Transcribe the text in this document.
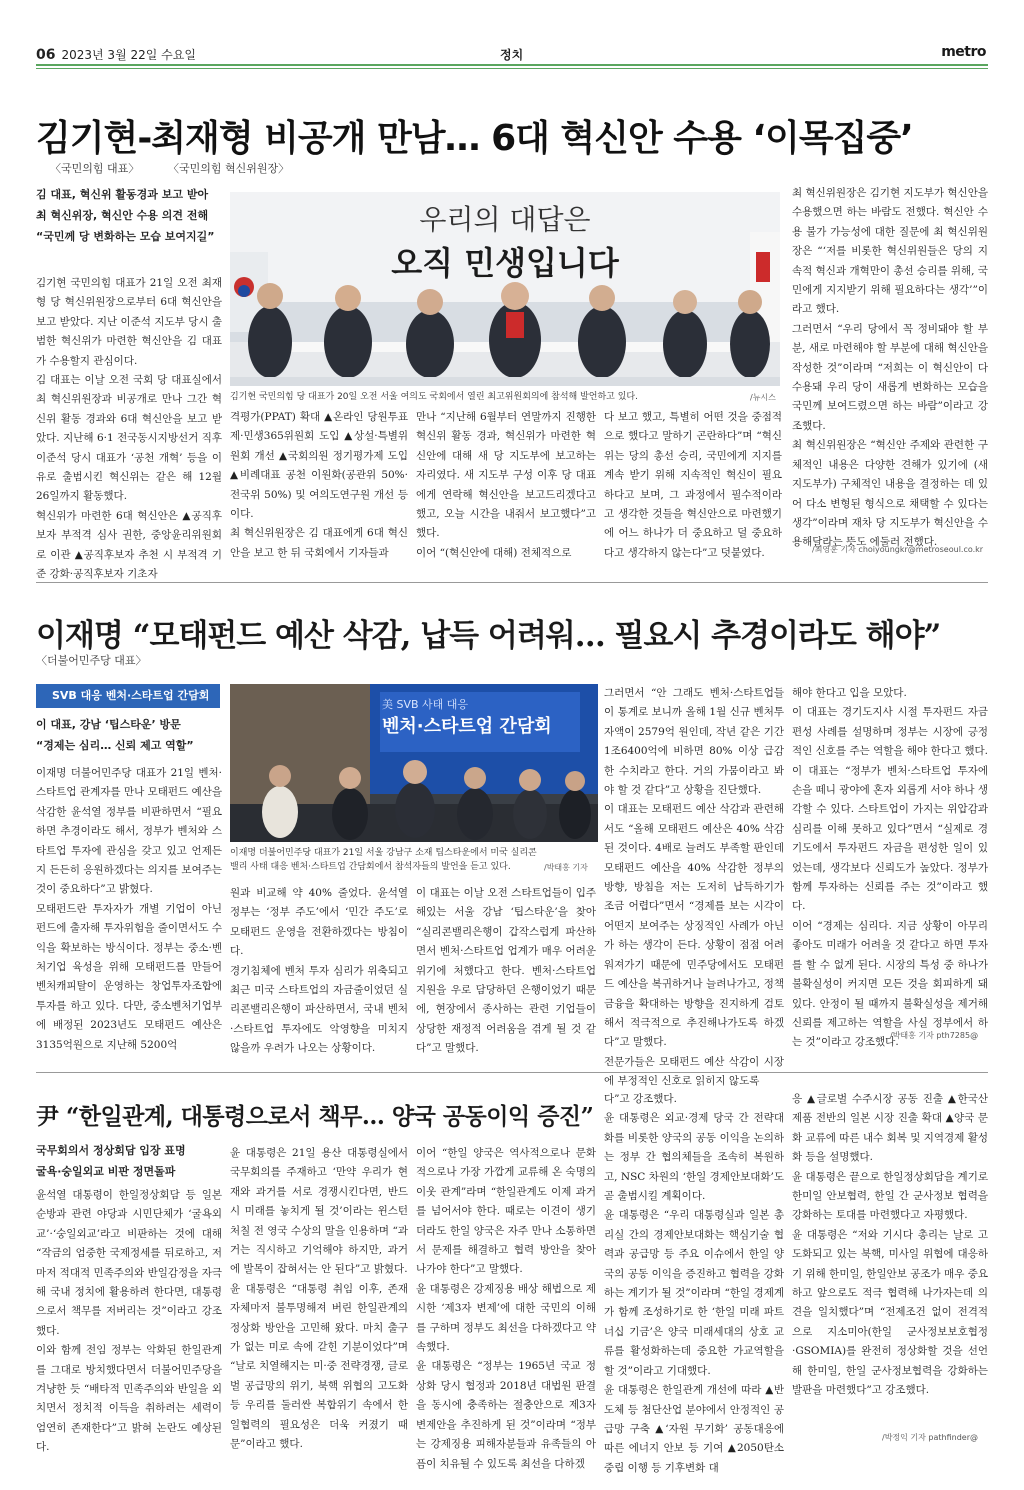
06 2023년 3월 22일 수요일	정치	metro
김기현-최재형 비공개 만남… 6대 혁신안 수용 ‘이목집중’
〈국민의힘 대표〉	〈국민의힘 혁신위원장〉
김 대표, 혁신위 활동경과 보고 받아
최 혁신위장, 혁신안 수용 의견 전해
“국민께 당 변화하는 모습 보여지길”
김기현 국민의힘 대표가 21일 오전 최재형 당 혁신위원장으로부터 6대 혁신안을 보고 받았다. 지난 이준석 지도부 당시 출범한 혁신위가 마련한 혁신안을 김 대표가 수용할지 관심이다.
김 대표는 이날 오전 국회 당 대표실에서 최 혁신위원장과 비공개로 만나 그간 혁신위 활동 경과와 6대 혁신안을 보고 받았다. 지난해 6·1 전국동시지방선거 직후 이준석 당시 대표가 ‘공천 개혁’ 등을 이유로 출범시킨 혁신위는 같은 해 12월 26일까지 활동했다.
혁신위가 마련한 6대 혁신안은 ▲공직후보자 부적격 심사 권한, 중앙윤리위원회로 이관 ▲공직후보자 추천 시 부적격 기준 강화·공직후보자 기초자
우리의 대답은
오직 민생입니다
김기현 국민의힘 당 대표가 20일 오전 서울 여의도 국회에서 열린 최고위원회의에 참석해 발언하고 있다.	/뉴시스
격평가(PPAT) 확대 ▲온라인 당원투표제·민생365위원회 도입 ▲상설·특별위원회 개선 ▲국회의원 정기평가제 도입 ▲비례대표 공천 이원화(공관위 50%·전국위 50%) 및 여의도연구원 개선 등이다.
최 혁신위원장은 김 대표에게 6대 혁신안을 보고 한 뒤 국회에서 기자들과
만나 “지난해 6월부터 연말까지 진행한 혁신위 활동 경과, 혁신위가 마련한 혁신안에 대해 새 당 지도부에 보고하는 자리였다. 새 지도부 구성 이후 당 대표에게 연락해 혁신안을 보고드리겠다고 했고, 오늘 시간을 내줘서 보고했다”고 했다.
이어 “(혁신안에 대해) 전체적으로
다 보고 했고, 특별히 어떤 것을 중점적으로 했다고 말하기 곤란하다”며 “혁신위는 당의 총선 승리, 국민에게 지지를 계속 받기 위해 지속적인 혁신이 필요하다고 보며, 그 과정에서 필수적이라고 생각한 것들을 혁신안으로 마련했기에 어느 하나가 더 중요하고 덜 중요하다고 생각하지 않는다”고 덧붙였다.
최 혁신위원장은 김기현 지도부가 혁신안을 수용했으면 하는 바람도 전했다. 혁신안 수용 불가 가능성에 대한 질문에 최 혁신위원장은 “‘저를 비롯한 혁신위원들은 당의 지속적 혁신과 개혁만이 총선 승리를 위해, 국민에게 지지받기 위해 필요하다는 생각’”이라고 했다.
그러면서 “우리 당에서 꼭 정비돼야 할 부분, 새로 마련해야 할 부분에 대해 혁신안을 작성한 것”이라며 “저희는 이 혁신안이 다 수용돼 우리 당이 새롭게 변화하는 모습을 국민께 보여드렸으면 하는 바람”이라고 강조했다.
최 혁신위원장은 “혁신안 주제와 관련한 구체적인 내용은 다양한 견해가 있기에 (새 지도부가) 구체적인 내용을 결정하는 데 있어 다소 변형된 형식으로 채택할 수 있다는 생각”이라며 재차 당 지도부가 혁신안을 수용해달라는 뜻도 에둘러 전했다.
/최영훈 기자 choiyoungkr@metroseoul.co.kr
이재명 “모태펀드 예산 삭감, 납득 어려워… 필요시 추경이라도 해야”
〈더불어민주당 대표〉
SVB 대응 벤처·스타트업 간담회
이 대표, 강남 ‘팁스타운’ 방문
“경제는 심리… 신뢰 제고 역할”
이재명 더불어민주당 대표가 21일 벤처·스타트업 관계자를 만나 모태펀드 예산을 삭감한 윤석열 정부를 비판하면서 “필요하면 추경이라도 해서, 정부가 벤처와 스타트업 투자에 관심을 갖고 있고 언제든지 든든히 응원하겠다는 의지를 보여주는 것이 중요하다”고 밝혔다.
모태펀드란 투자자가 개별 기업이 아닌 펀드에 출자해 투자위험을 줄이면서도 수익을 확보하는 방식이다. 정부는 중소·벤처기업 육성을 위해 모태펀드를 만들어 벤처캐피탈이 운영하는 창업투자조합에 투자를 하고 있다. 다만, 중소벤처기업부에 배정된 2023년도 모태펀드 예산은 3135억원으로 지난해 5200억
美 SVB 사태 대응
벤처·스타트업 간담회
이재명 더불어민주당 대표가 21일 서울 강남구 소재 팁스타운에서 미국 실리콘밸리 사태 대응 벤처·스타트업 간담회에서 참석자들의 발언을 듣고 있다.	/박태홍 기자
원과 비교해 약 40% 줄었다. 윤석열 정부는 ‘정부 주도’에서 ‘민간 주도’로 모태펀드 운영을 전환하겠다는 방침이다.
경기침체에 벤처 투자 심리가 위축되고 최근 미국 스타트업의 자금줄이었던 실리콘밸리은행이 파산하면서, 국내 벤처·스타트업 투자에도 악영향을 미치지 않을까 우려가 나오는 상황이다.
이 대표는 이날 오전 스타트업들이 입주해있는 서울 강남 ‘팁스타운’을 찾아 “실리콘밸리은행이 갑작스럽게 파산하면서 벤처·스타트업 업계가 매우 어려운 위기에 처했다고 한다. 벤처·스타트업 지원을 우로 담당하던 은행이었기 때문에, 현장에서 종사하는 관련 기업들이 상당한 재정적 어려움을 겪게 될 것 같다”고 말했다.
그러면서 “안 그래도 벤처·스타트업들이 통계로 보니까 올해 1월 신규 벤처투자액이 2579억 원인데, 작년 같은 기간 1조6400억에 비하면 80% 이상 급감한 수치라고 한다. 거의 가뭄이라고 봐야 할 것 같다”고 상황을 진단했다.
이 대표는 모태펀드 예산 삭감과 관련해서도 “올해 모태펀드 예산은 40% 삭감된 것이다. 4배로 늘려도 부족할 판인데 모태펀드 예산을 40% 삭감한 정부의 방향, 방침을 저는 도저히 납득하기가 조금 어렵다”면서 “경제를 보는 시각이 어떤지 보여주는 상징적인 사례가 아닌가 하는 생각이 든다. 상황이 점점 어려워져가기 때문에 민주당에서도 모태펀드 예산을 복귀하거나 늘려나가고, 정책금융을 확대하는 방향을 진지하게 검토해서 적극적으로 추진해나가도록 하겠다”고 말했다.
전문가들은 모태펀드 예산 삭감이 시장에 부정적인 신호로 읽히지 않도록
해야 한다고 입을 모았다.
이 대표는 경기도지사 시절 투자펀드 자금 편성 사례를 설명하며 정부는 시장에 긍정적인 신호를 주는 역할을 해야 한다고 했다. 이 대표는 “정부가 벤처·스타트업 투자에 손을 떼니 광야에 혼자 외롭게 서야 하나 생각할 수 있다. 스타트업이 가지는 위압감과 심리를 이해 못하고 있다”면서 “실제로 경기도에서 투자펀드 자금을 편성한 일이 있었는데, 생각보다 신뢰도가 높았다. 정부가 함께 투자하는 신뢰를 주는 것”이라고 했다.
이어 “경제는 심리다. 지금 상황이 아무리 좋아도 미래가 어려울 것 같다고 하면 투자를 할 수 없게 된다. 시장의 특성 중 하나가 불확실성이 커지면 모든 것을 회피하게 돼 있다. 안정이 될 때까지 불확실성을 제거해 신뢰를 제고하는 역할을 사실 정부에서 하는 것”이라고 강조했다.
/박태홍 기자 pth7285@
尹 “한일관계, 대통령으로서 책무… 양국 공동이익 증진”
국무회의서 정상회담 입장 표명
굴욕·숭일외교 비판 정면돌파
윤석열 대통령이 한일정상회담 등 일본 순방과 관련 야당과 시민단체가 ‘굴욕외교’·‘숭일외교’라고 비판하는 것에 대해 “작금의 엄중한 국제정세를 뒤로하고, 저마저 적대적 민족주의와 반일감정을 자극해 국내 정치에 활용하려 한다면, 대통령으로서 책무를 저버리는 것”이라고 강조했다.
이와 함께 전임 정부는 악화된 한일관계를 그대로 방치했다면서 더불어민주당을 겨냥한 듯 “배타적 민족주의와 반일을 외치면서 정치적 이득을 취하려는 세력이 엄연히 존재한다”고 밝혀 논란도 예상된다.
윤 대통령은 21일 용산 대통령실에서 국무회의를 주재하고 ‘만약 우리가 현재와 과거를 서로 경쟁시킨다면, 반드시 미래를 놓치게 될 것’이라는 윈스턴 처칠 전 영국 수상의 말을 인용하며 “과거는 직시하고 기억해야 하지만, 과거에 발목이 잡혀서는 안 된다”고 밝혔다.
윤 대통령은 “대통령 취임 이후, 존재 자체마저 불투명해져 버린 한일관계의 정상화 방안을 고민해 왔다. 마치 출구가 없는 미로 속에 갇힌 기분이었다”며 “날로 치열해지는 미·중 전략경쟁, 글로벌 공급망의 위기, 북핵 위협의 고도화 등 우리를 둘러싼 복합위기 속에서 한일협력의 필요성은 더욱 커졌기 때문”이라고 했다.
이어 “한일 양국은 역사적으로나 문화적으로나 가장 가깝게 교류해 온 숙명의 이웃 관계”라며 “한일관계도 이제 과거를 넘어서야 한다. 때로는 이견이 생기더라도 한일 양국은 자주 만나 소통하면서 문제를 해결하고 협력 방안을 찾아 나가야 한다”고 말했다.
윤 대통령은 강제징용 배상 해법으로 제시한 ‘제3자 변제’에 대한 국민의 이해를 구하며 정부도 최선을 다하겠다고 약속했다.
윤 대통령은 “정부는 1965년 국교 정상화 당시 협정과 2018년 대법원 판결을 동시에 충족하는 절충안으로 제3자 변제안을 추진하게 된 것”이라며 “정부는 강제징용 피해자분들과 유족들의 아픔이 치유될 수 있도록 최선을 다하겠
다”고 강조했다.
윤 대통령은 외교·경제 당국 간 전략대화를 비롯한 양국의 공동 이익을 논의하는 정부 간 협의체들을 조속히 복원하고, NSC 차원의 ‘한일 경제안보대화’도 곧 출범시킬 계획이다.
윤 대통령은 “우리 대통령실과 일본 총리실 간의 경제안보대화는 핵심기술 협력과 공급망 등 주요 이슈에서 한일 양국의 공동 이익을 증진하고 협력을 강화하는 계기가 될 것”이라며 “한일 경제계가 함께 조성하기로 한 ‘한일 미래 파트너십 기금’은 양국 미래세대의 상호 교류를 활성화하는데 중요한 가교역할을 할 것”이라고 기대했다.
윤 대통령은 한일관계 개선에 따라 ▲반도체 등 첨단산업 분야에서 안정적인 공급망 구축 ▲‘자원 무기화’ 공동대응에 따른 에너지 안보 등 기여 ▲2050탄소중립 이행 등 기후변화 대
응 ▲글로벌 수주시장 공동 진출 ▲한국산 제품 전반의 일본 시장 진출 확대 ▲양국 문화 교류에 따른 내수 회복 및 지역경제 활성화 등을 설명했다.
윤 대통령은 끝으로 한일정상회담을 계기로 한미일 안보협력, 한일 간 군사정보 협력을 강화하는 토대를 마련했다고 자평했다.
윤 대통령은 “저와 기시다 총리는 날로 고도화되고 있는 북핵, 미사일 위협에 대응하기 위해 한미일, 한일안보 공조가 매우 중요하고 앞으로도 적극 협력해 나가자는데 의견을 일치했다”며 “전제조건 없이 전격적으로 지소미아(한일 군사정보보호협정·GSOMIA)를 완전히 정상화할 것을 선언해 한미일, 한일 군사정보협력을 강화하는 발판을 마련했다”고 강조했다.
/박정익 기자 pathfinder@
